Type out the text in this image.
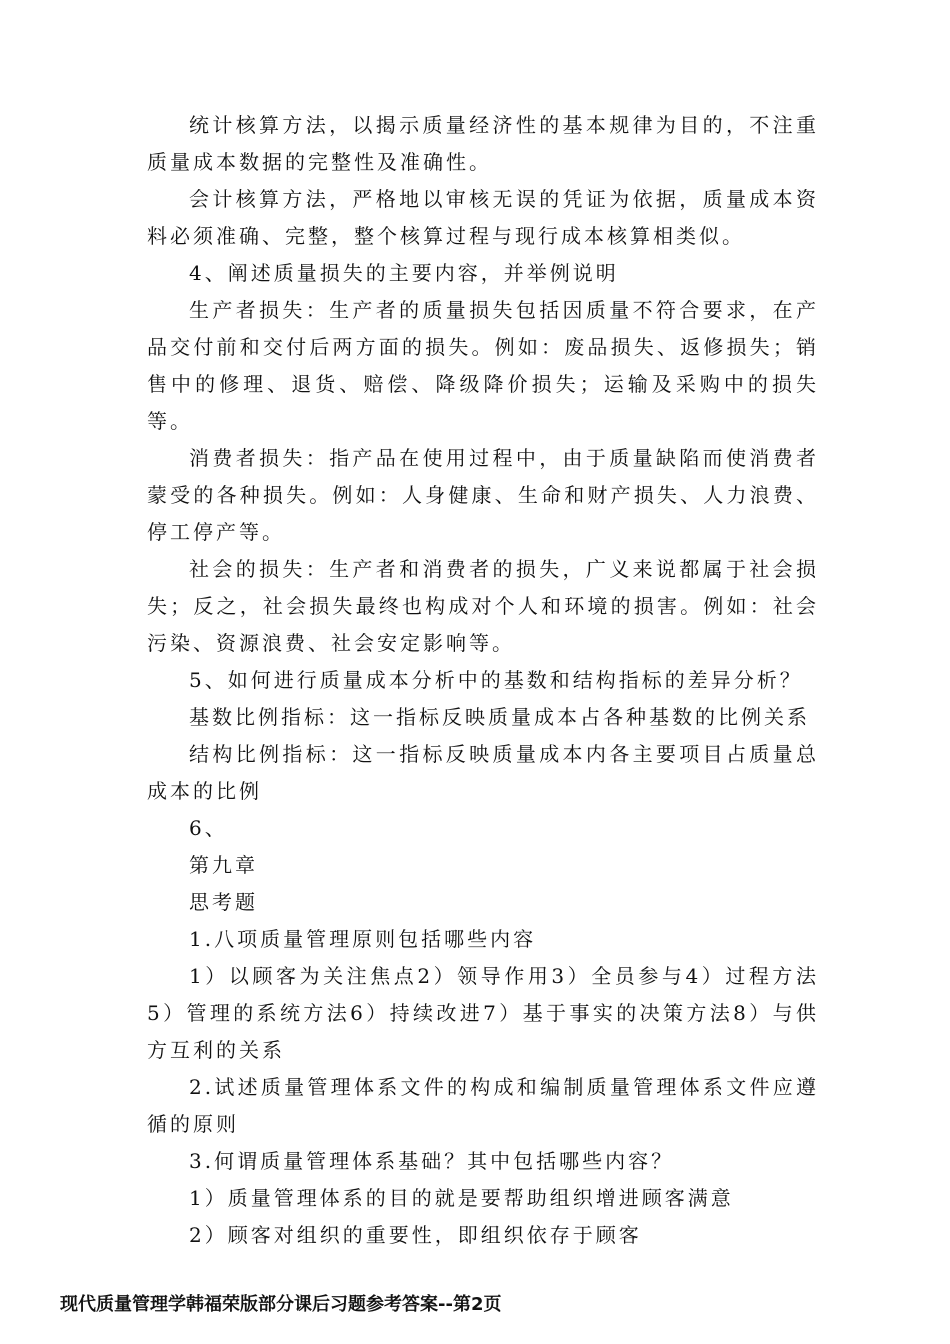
统计核算方法，以揭示质量经济性的基本规律为目的，不注重质量成本数据的完整性及准确性。

会计核算方法，严格地以审核无误的凭证为依据，质量成本资料必须准确、完整，整个核算过程与现行成本核算相类似。

4、阐述质量损失的主要内容，并举例说明

生产者损失：生产者的质量损失包括因质量不符合要求，在产品交付前和交付后两方面的损失。例如：废品损失、返修损失；销售中的修理、退货、赔偿、降级降价损失；运输及采购中的损失等。

消费者损失：指产品在使用过程中，由于质量缺陷而使消费者蒙受的各种损失。例如：人身健康、生命和财产损失、人力浪费、停工停产等。

社会的损失：生产者和消费者的损失，广义来说都属于社会损失；反之，社会损失最终也构成对个人和环境的损害。例如：社会污染、资源浪费、社会安定影响等。

5、如何进行质量成本分析中的基数和结构指标的差异分析？

基数比例指标：这一指标反映质量成本占各种基数的比例关系

结构比例指标：这一指标反映质量成本内各主要项目占质量总成本的比例

6、

第九章

思考题

1.八项质量管理原则包括哪些内容

1）以顾客为关注焦点2）领导作用3）全员参与4）过程方法5）管理的系统方法6）持续改进7）基于事实的决策方法8）与供方互利的关系

2.试述质量管理体系文件的构成和编制质量管理体系文件应遵循的原则

3.何谓质量管理体系基础？其中包括哪些内容？

1）质量管理体系的目的就是要帮助组织增进顾客满意

2）顾客对组织的重要性，即组织依存于顾客

现代质量管理学韩福荣版部分课后习题参考答案--第2页
